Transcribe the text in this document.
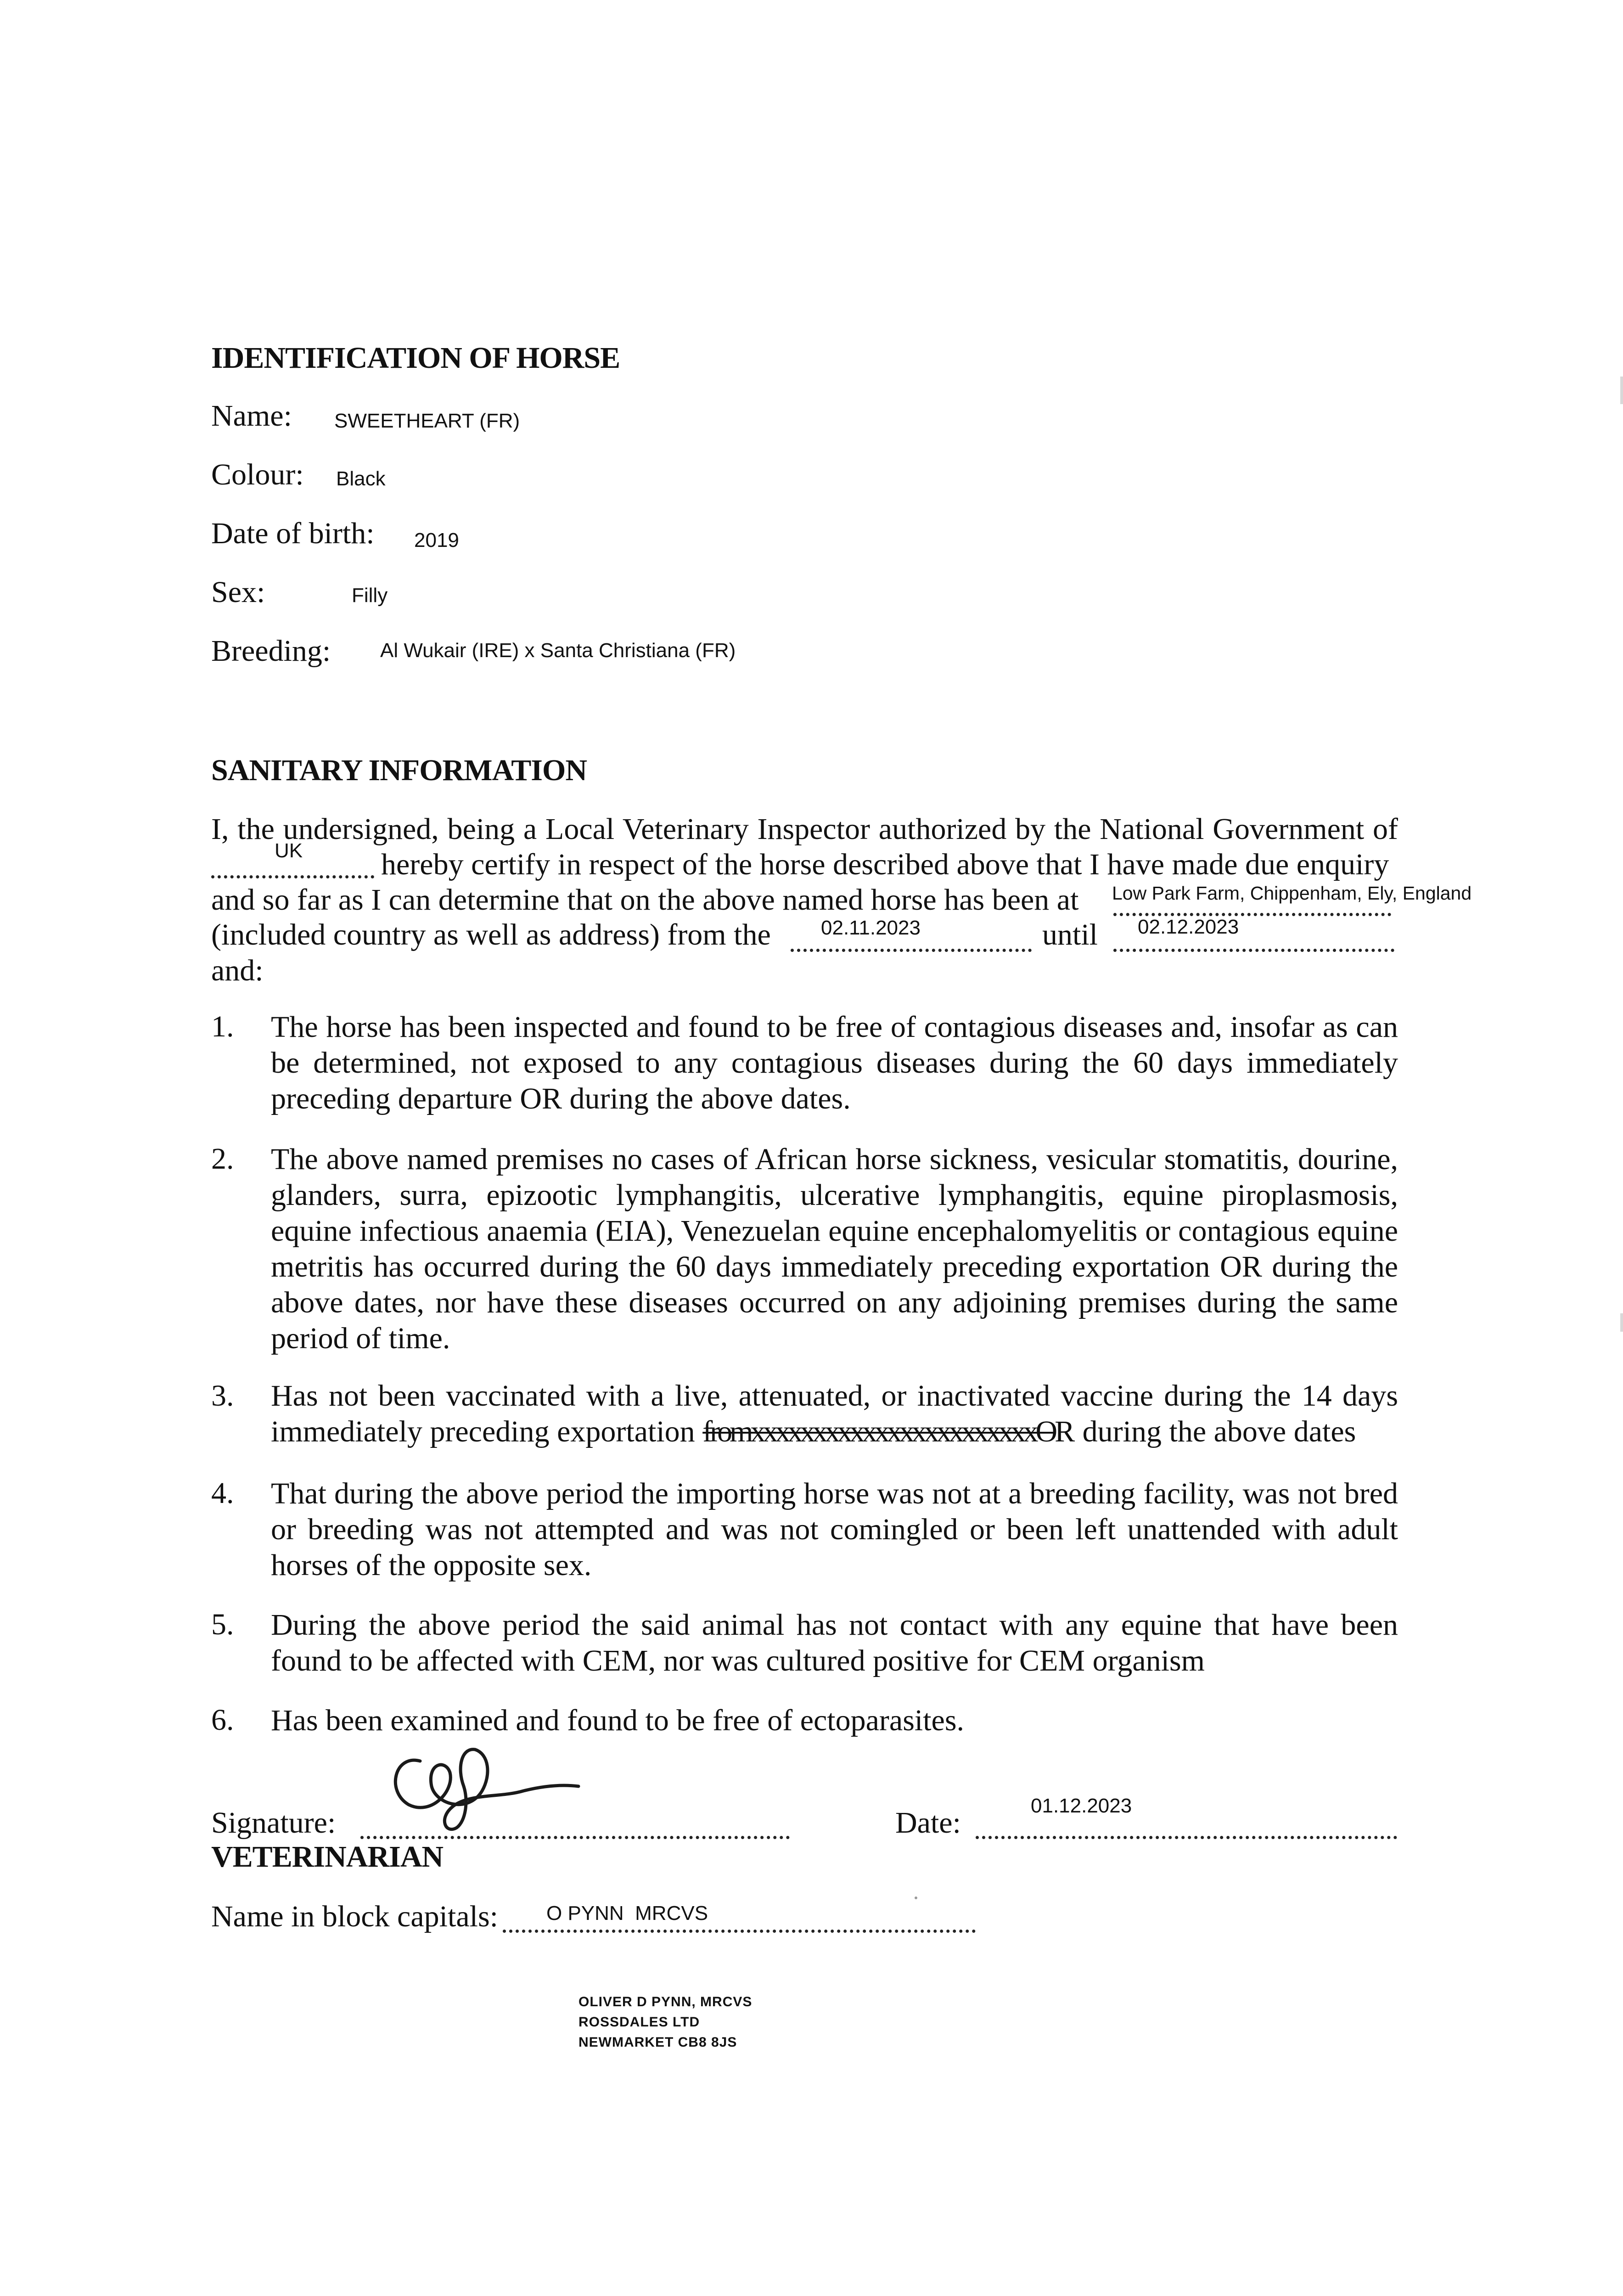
IDENTIFICATION OF HORSE
Name: SWEETHEART (FR)
Colour: Black
Date of birth: 2019
Sex:	Filly
Breeding: Al Wukair (IRE) x Santa Christiana (FR)
SANITARY INFORMATION
I, the undersigned, being a Local Veterinary Inspector authorized by the National Government of
UK	hereby certify in respect of the horse described above that I have made due enquiry
and so far as I can determine that on the above named horse has been at Low Park Farm, Chippenham, Ely, England
(included country as well as address) from the 02.11.2023	until 02.12.2023
and:
1. The horse has been inspected and found to be free of contagious diseases and, insofar as can be determined, not exposed to any contagious diseases during the 60 days immediately preceding departure OR during the above dates.
2. The above named premises no cases of African horse sickness, vesicular stomatitis, dourine, glanders, surra, epizootic lymphangitis, ulcerative lymphangitis, equine piroplasmosis, equine infectious anaemia (EIA), Venezuelan equine encephalomyelitis or contagious equine metritis has occurred during the 60 days immediately preceding exportation OR during the above dates, nor have these diseases occurred on any adjoining premises during the same period of time.
3. Has not been vaccinated with a live, attenuated, or inactivated vaccine during the 14 days
immediately preceding exportation fromxxxxxxxxxxxxxxxxxxxxxxxOR during the above dates
4. That during the above period the importing horse was not at a breeding facility, was not bred or breeding was not attempted and was not comingled or been left unattended with adult horses of the opposite sex.
5. During the above period the said animal has not contact with any equine that have been found to be affected with CEM, nor was cultured positive for CEM organism
6. Has been examined and found to be free of ectoparasites.
Signature:	Date:
01.12.2023
VETERINARIAN
Name in block capitals: O PYNN  MRCVS
OLIVER D PYNN, MRCVS
ROSSDALES LTD
NEWMARKET CB8 8JS
